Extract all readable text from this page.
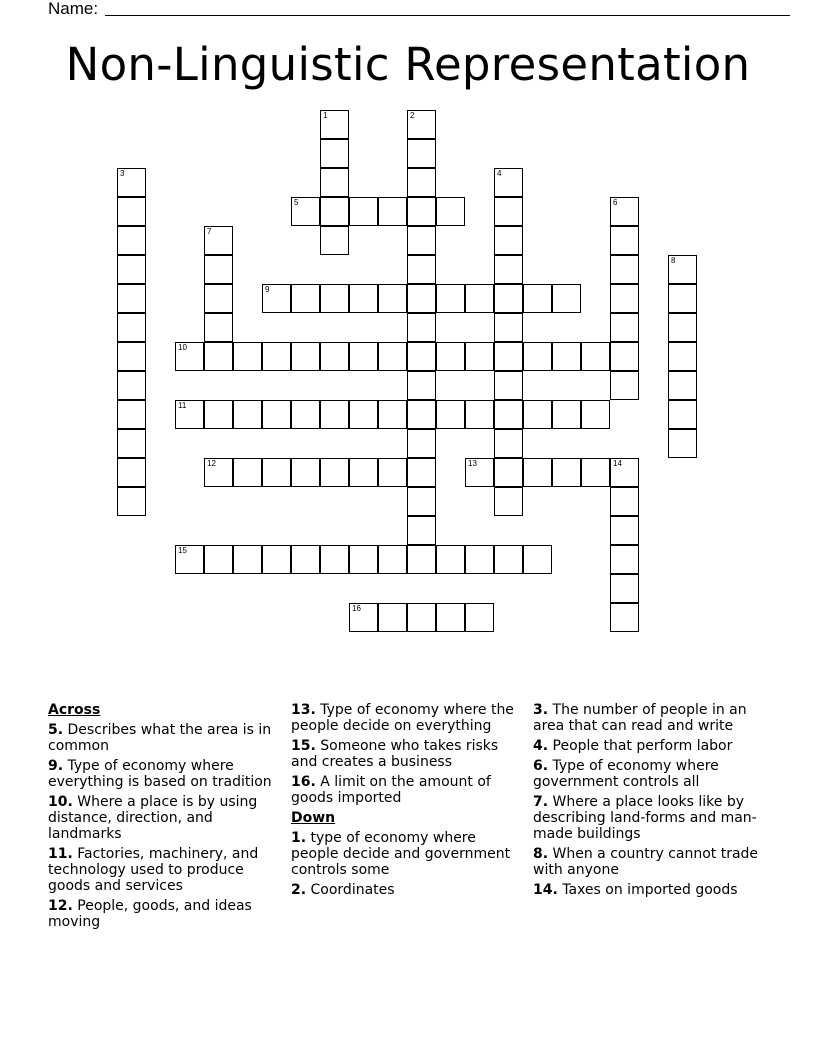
Name:
Non-Linguistic Representation
1	2
3	4
5	6
7
8
9
10
11
12	13	14
15
16
Across
5. Describes what the area is in common
9. Type of economy where everything is based on tradition
10. Where a place is by using distance, direction, and landmarks
11. Factories, machinery, and technology used to produce goods and services
12. People, goods, and ideas moving
13. Type of economy where the people decide on everything
15. Someone who takes risks and creates a business
16. A limit on the amount of goods imported
Down
1. type of economy where people decide and government controls some
2. Coordinates
3. The number of people in an area that can read and write
4. People that perform labor
6. Type of economy where government controls all
7. Where a place looks like by describing land-forms and man-made buildings
8. When a country cannot trade with anyone
14. Taxes on imported goods
